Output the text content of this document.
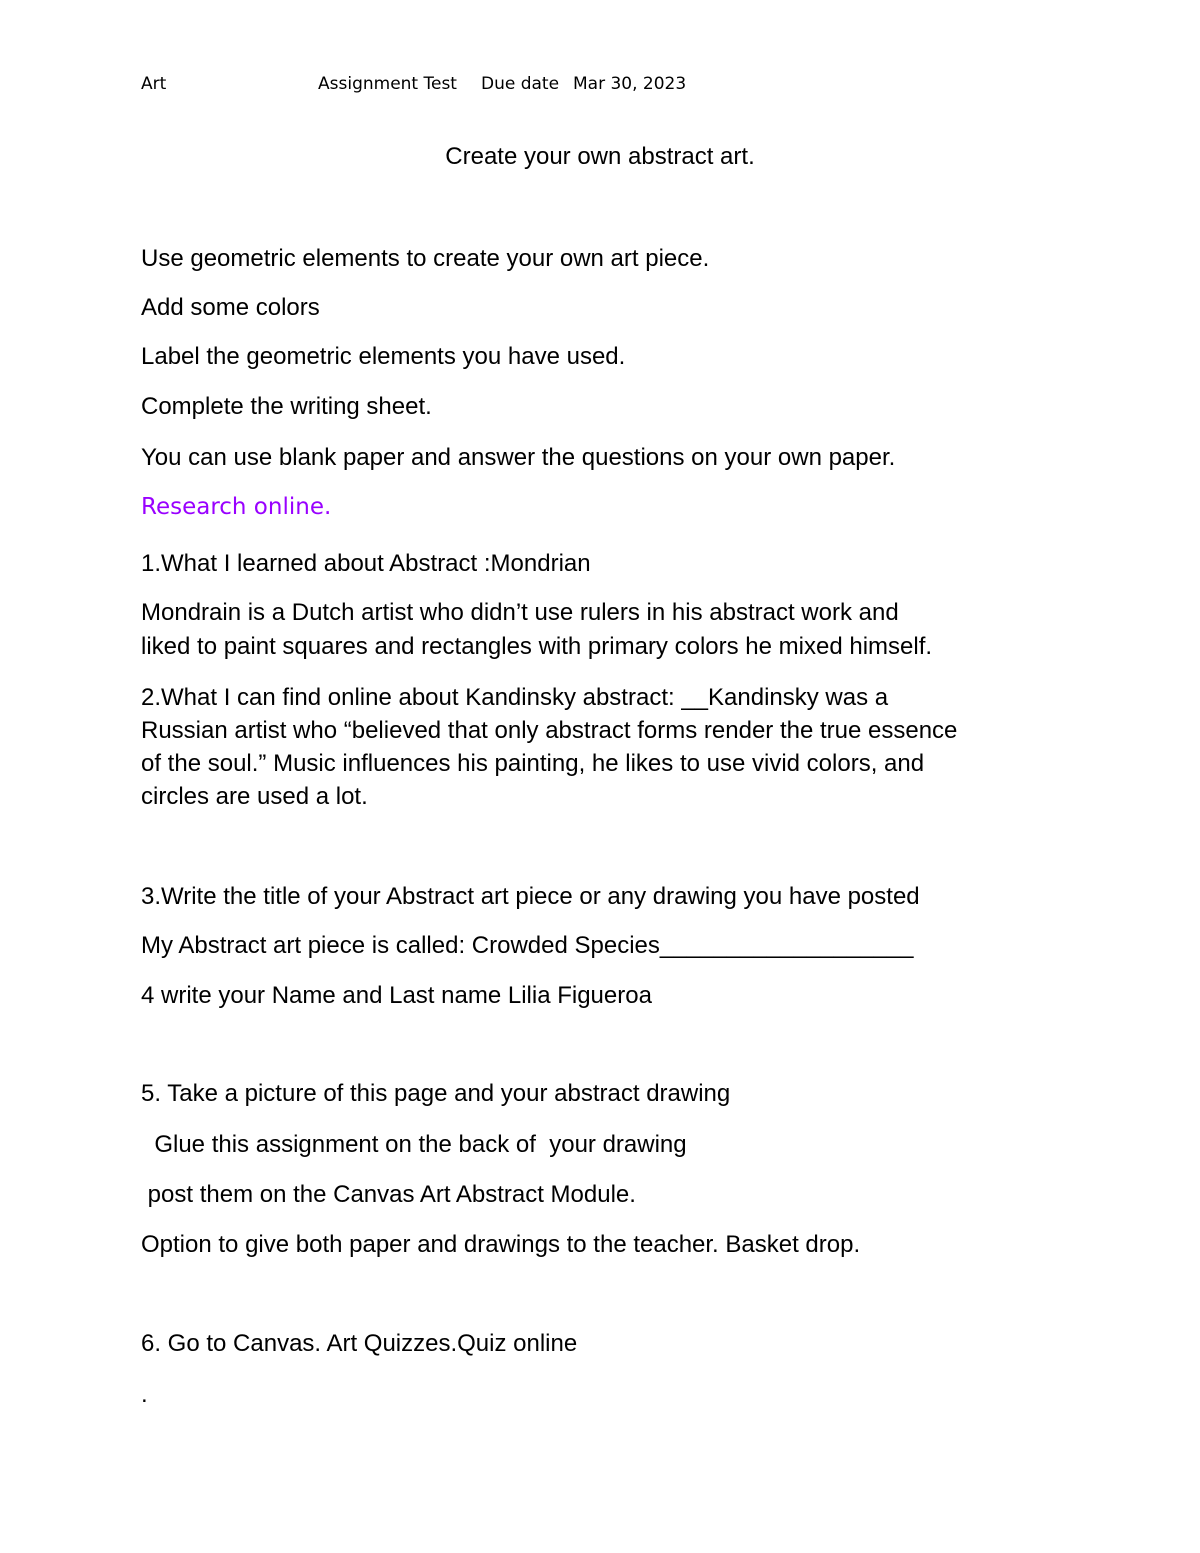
Art	Assignment Test Due date Mar 30, 2023
Create your own abstract art.
Use geometric elements to create your own art piece.
Add some colors
Label the geometric elements you have used.
Complete the writing sheet.
You can use blank paper and answer the questions on your own paper.
Research online.
1.What I learned about Abstract :Mondrian
Mondrain is a Dutch artist who didn’t use rulers in his abstract work and
liked to paint squares and rectangles with primary colors he mixed himself.
2.What I can find online about Kandinsky abstract: __Kandinsky was a
Russian artist who “believed that only abstract forms render the true essence
of the soul.” Music influences his painting, he likes to use vivid colors, and
circles are used a lot.
3.Write the title of your Abstract art piece or any drawing you have posted
My Abstract art piece is called: Crowded Species___________________
4 write your Name and Last name Lilia Figueroa
5. Take a picture of this page and your abstract drawing
Glue this assignment on the back of  your drawing
post them on the Canvas Art Abstract Module.
Option to give both paper and drawings to the teacher. Basket drop.
6. Go to Canvas. Art Quizzes.Quiz online
.
